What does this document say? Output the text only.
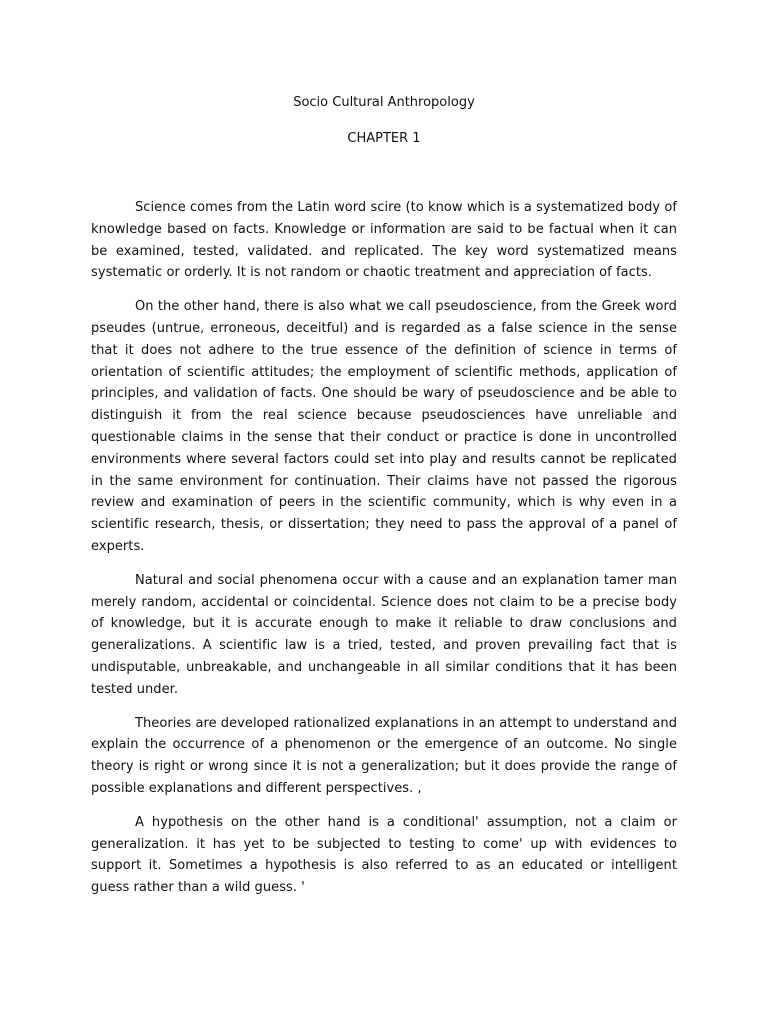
Socio Cultural Anthropology
CHAPTER 1

Science comes from the Latin word scire (to know which is a systematized body of knowledge based on facts. Knowledge or information are said to be factual when it can be examined, tested, validated. and replicated. The key word systematized means systematic or orderly. It is not random or chaotic treatment and appreciation of facts.

On the other hand, there is also what we call pseudoscience, from the Greek word pseudes (untrue, erroneous, deceitful) and is regarded as a false science in the sense that it does not adhere to the true essence of the definition of science in terms of orientation of scientific attitudes; the employment of scientific methods, application of principles, and validation of facts. One should be wary of pseudoscience and be able to distinguish it from the real science because pseudosciences have unreliable and questionable claims in the sense that their conduct or practice is done in uncontrolled environments where several factors could set into play and results cannot be replicated in the same environment for continuation. Their claims have not passed the rigorous review and examination of peers in the scientific community, which is why even in a scientific research, thesis, or dissertation; they need to pass the approval of a panel of experts.

Natural and social phenomena occur with a cause and an explanation tamer man merely random, accidental or coincidental. Science does not claim to be a precise body of knowledge, but it is accurate enough to make it reliable to draw conclusions and generalizations. A scientific law is a tried, tested, and proven prevailing fact that is undisputable, unbreakable, and unchangeable in all similar conditions that it has been tested under.

Theories are developed rationalized explanations in an attempt to understand and explain the occurrence of a phenomenon or the emergence of an outcome. No single theory is right or wrong since it is not a generalization; but it does provide the range of possible explanations and different perspectives. ,

A hypothesis on the other hand is a conditional' assumption, not a claim or generalization. it has yet to be subjected to testing to come' up with evidences to support it. Sometimes a hypothesis is also referred to as an educated or intelligent guess rather than a wild guess. '
